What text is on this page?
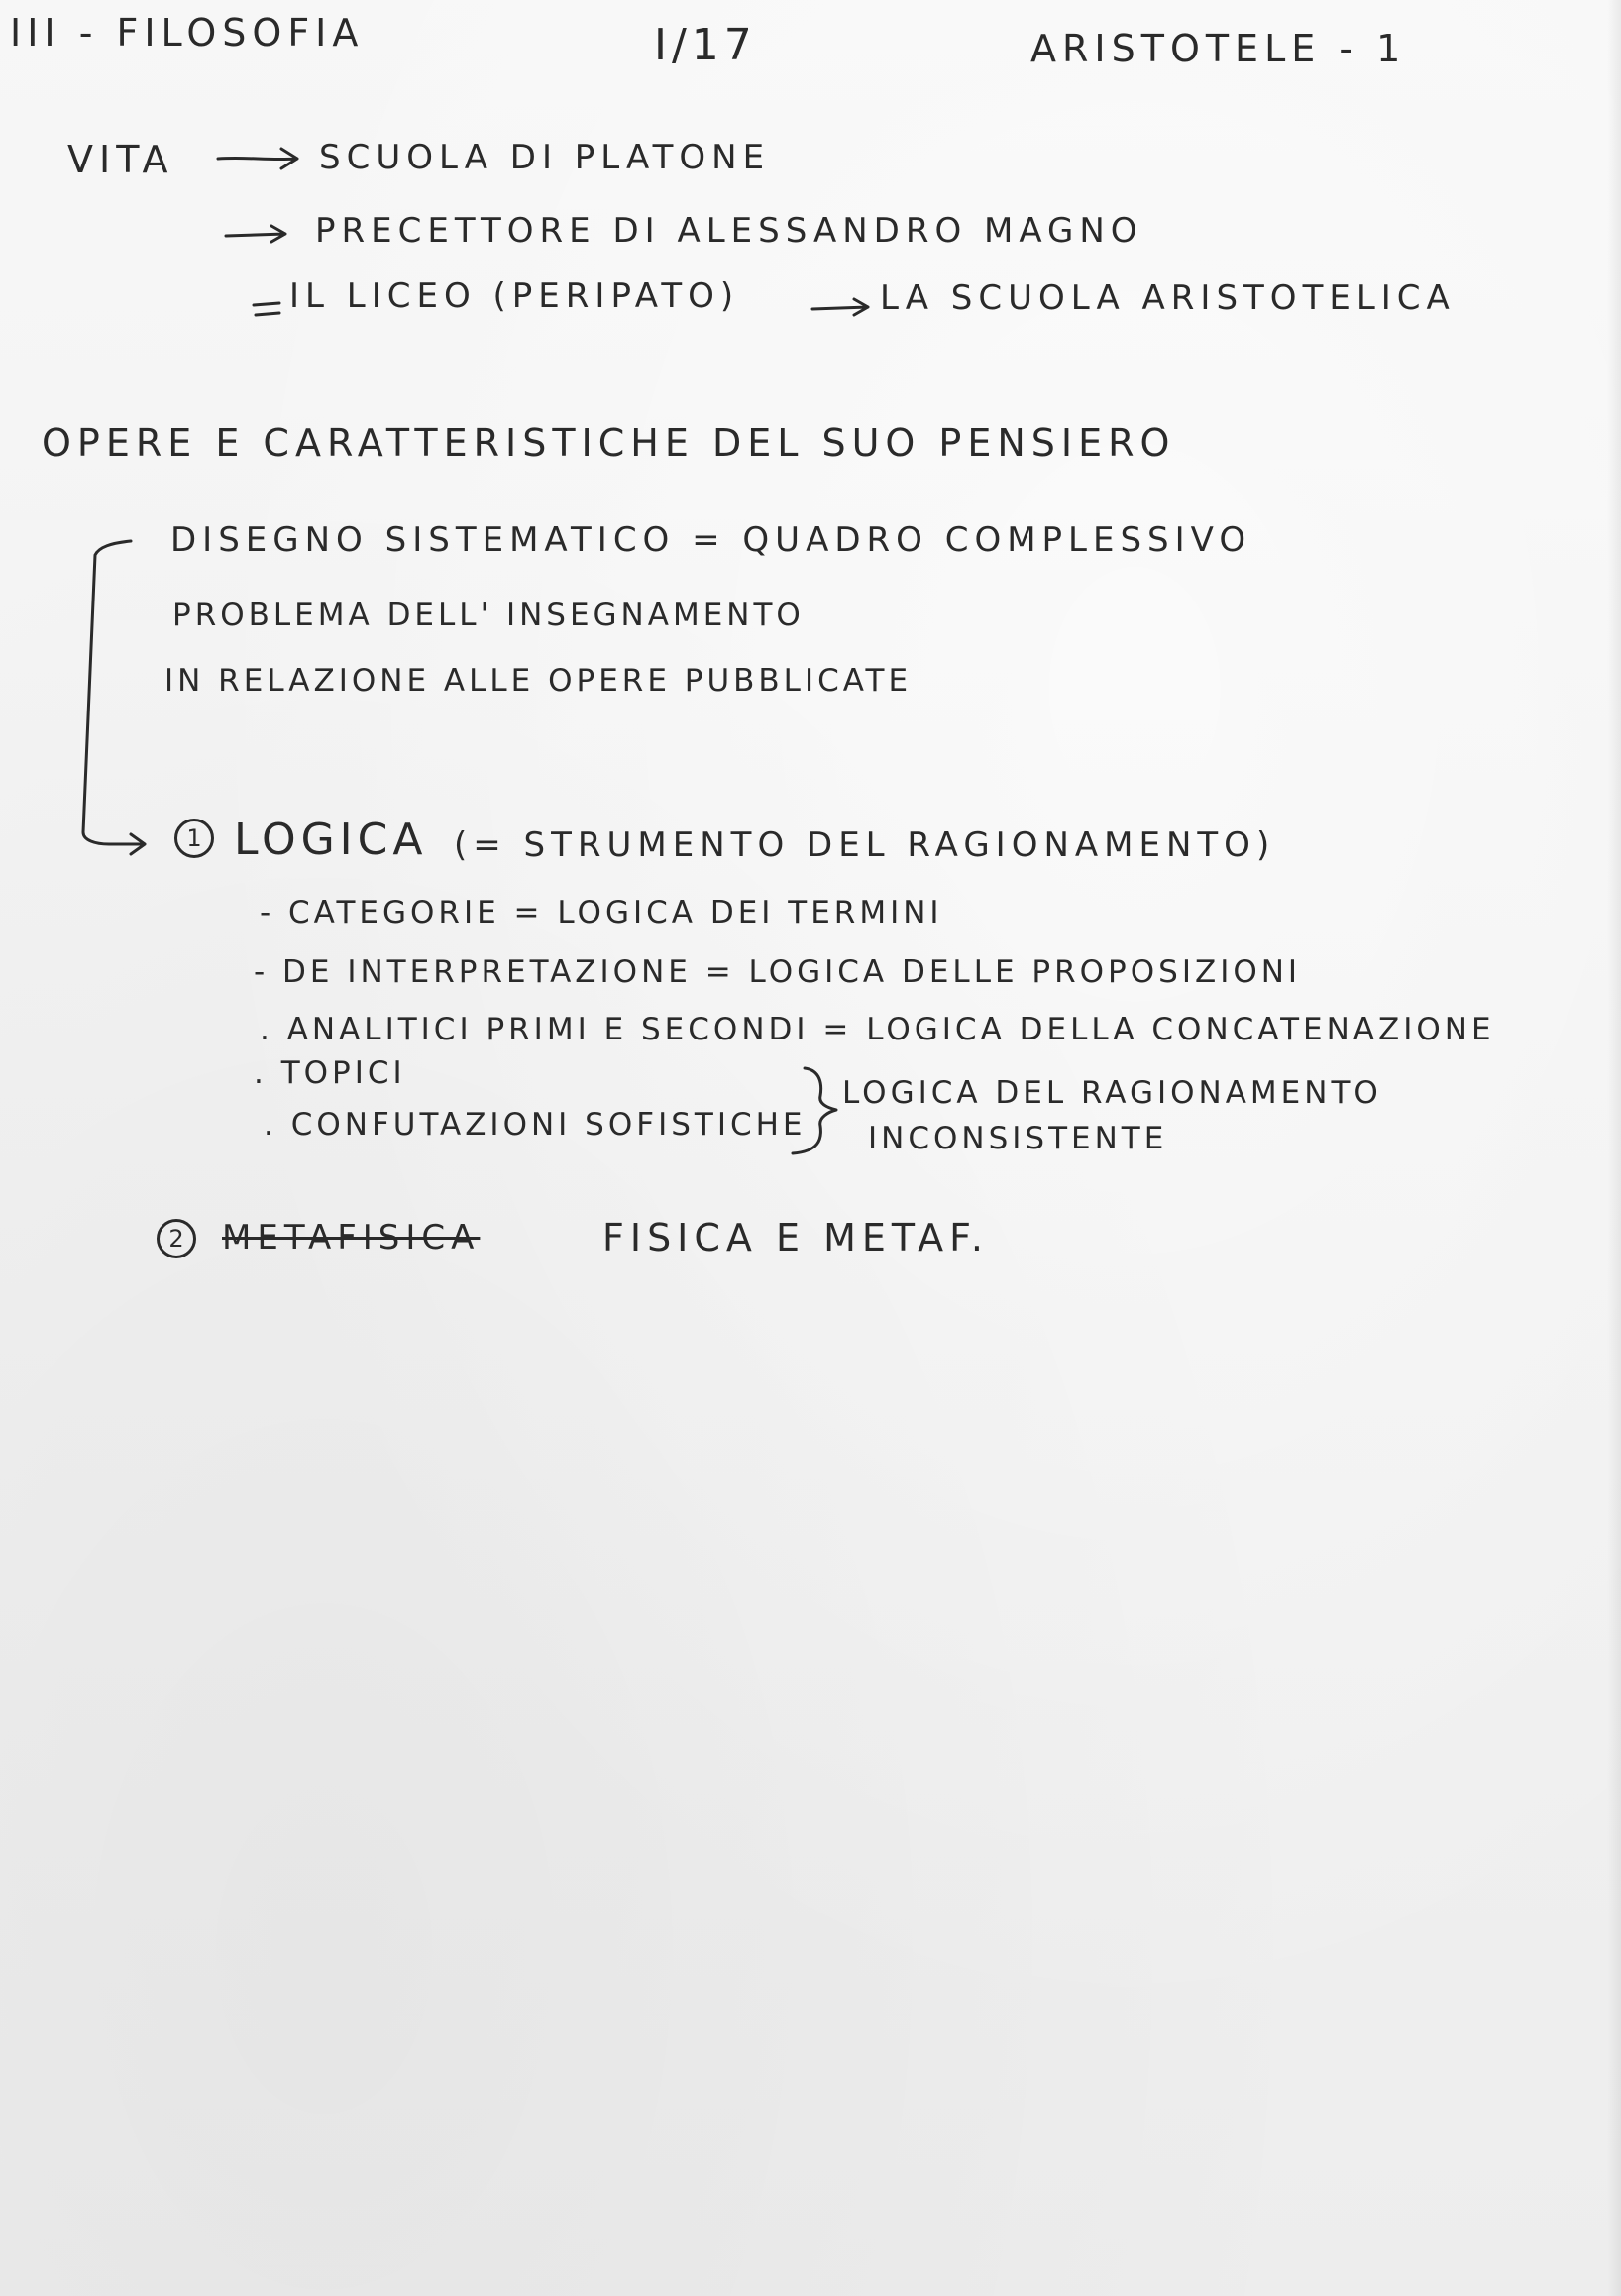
III - FILOSOFIA	I/17	ARISTOTELE - 1

VITA	SCUOLA DI PLATONE

PRECETTORE DI ALESSANDRO MAGNO

IL LICEO (PERIPATO)	LA SCUOLA ARISTOTELICA

OPERE E CARATTERISTICHE DEL SUO PENSIERO

DISEGNO SISTEMATICO = QUADRO COMPLESSIVO

PROBLEMA DELL' INSEGNAMENTO

IN RELAZIONE ALLE OPERE PUBBLICATE

1 LOGICA (= STRUMENTO DEL RAGIONAMENTO)

- CATEGORIE = LOGICA DEI TERMINI

- DE INTERPRETAZIONE = LOGICA DELLE PROPOSIZIONI

. ANALITICI PRIMI E SECONDI = LOGICA DELLA CONCATENAZIONE

. TOPICI

. CONFUTAZIONI SOFISTICHE

LOGICA DEL RAGIONAMENTO

INCONSISTENTE

2	METAFISICA	FISICA E METAF.
